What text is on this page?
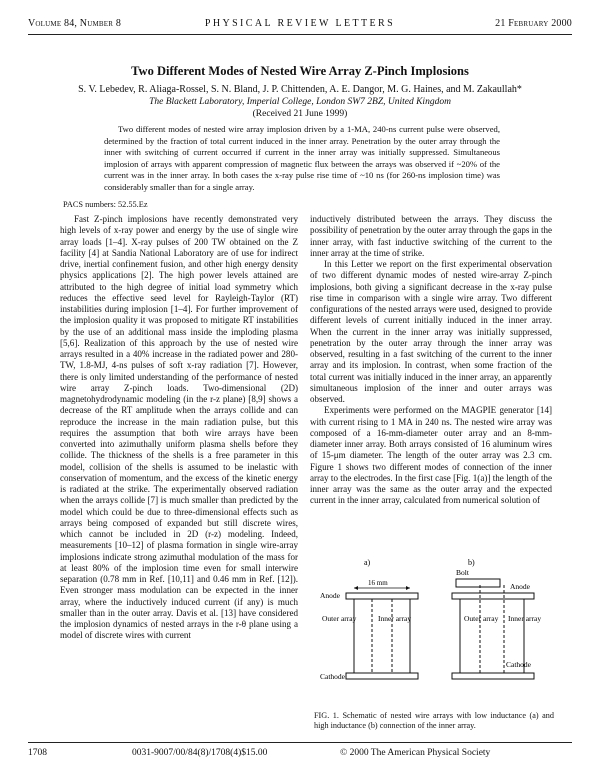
Volume 84, Number 8	PHYSICAL REVIEW LETTERS	21 February 2000
Two Different Modes of Nested Wire Array Z-Pinch Implosions
S. V. Lebedev, R. Aliaga-Rossel, S. N. Bland, J. P. Chittenden, A. E. Dangor, M. G. Haines, and M. Zakaullah*
The Blackett Laboratory, Imperial College, London SW7 2BZ, United Kingdom
(Received 21 June 1999)
Two different modes of nested wire array implosion driven by a 1-MA, 240-ns current pulse were observed, determined by the fraction of total current induced in the inner array. Penetration by the outer array through the inner with switching of current occurred if current in the inner array was initially suppressed. Simultaneous implosion of arrays with apparent compression of magnetic flux between the arrays was observed if ~20% of the current was in the inner array. In both cases the x-ray pulse rise time of ~10 ns (for 260-ns implosion time) was considerably smaller than for a single array.
PACS numbers: 52.55.Ez

Fast Z-pinch implosions have recently demonstrated very high levels of x-ray power and energy by the use of single wire array loads [1–4]. X-ray pulses of 200 TW obtained on the Z facility [4] at Sandia National Laboratory are of use for indirect drive, inertial confinement fusion, and other high energy density physics applications [2]. The high power levels attained are attributed to the high degree of initial load symmetry which reduces the effective seed level for Rayleigh-Taylor (RT) instabilities during implosion [1–4]. For further improvement of the implosion quality it was proposed to mitigate RT instabilities by the use of an additional mass inside the imploding plasma [5,6]. Realization of this approach by the use of nested wire arrays resulted in a 40% increase in the radiated power and 280-TW, 1.8-MJ, 4-ns pulses of soft x-ray radiation [7]. However, there is only limited understanding of the performance of nested wire array Z-pinch loads. Two-dimensional (2D) magnetohydrodynamic modeling (in the r-z plane) [8,9] shows a decrease of the RT amplitude when the arrays collide and can reproduce the increase in the main radiation pulse, but this requires the assumption that both wire arrays have been converted into azimuthally uniform plasma shells before they collide. The thickness of the shells is a free parameter in this model, collision of the shells is assumed to be inelastic with conservation of momentum, and the excess of the kinetic energy is radiated at the strike. The experimentally observed radiation when the arrays collide [7] is much smaller than predicted by the model which could be due to three-dimensional effects such as arrays being composed of expanded but still discrete wires, which cannot be included in 2D (r-z) modeling. Indeed, measurements [10–12] of plasma formation in single wire-array implosions indicate strong azimuthal modulation of the mass for at least 80% of the implosion time even for small interwire separation (0.78 mm in Ref. [10,11] and 0.46 mm in Ref. [12]). Even stronger mass modulation can be expected in the inner array, where the inductively induced current (if any) is much smaller than in the outer array. Davis et al. [13] have considered the implosion dynamics of nested arrays in the r-θ plane using a model of discrete wires with current

inductively distributed between the arrays. They discuss the possibility of penetration by the outer array through the gaps in the inner array, with fast inductive switching of the current to the inner array at the time of strike.

In this Letter we report on the first experimental observation of two different dynamic modes of nested wire-array Z-pinch implosions, both giving a significant decrease in the x-ray pulse rise time in comparison with a single wire array. Two different configurations of the nested arrays were used, designed to provide different levels of current initially induced in the inner array. When the current in the inner array was initially suppressed, penetration by the outer array through the inner array was observed, resulting in a fast switching of the current to the inner array and its implosion. In contrast, when some fraction of the total current was initially induced in the inner array, an apparently simultaneous implosion of the inner and outer arrays was observed.

Experiments were performed on the MAGPIE generator [14] with current rising to 1 MA in 240 ns. The nested wire array was composed of a 16-mm-diameter outer array and an 8-mm-diameter inner array. Both arrays consisted of 16 aluminum wires of 15-μm diameter. The length of the outer array was 2.3 cm. Figure 1 shows two different modes of connection of the inner array to the electrodes. In the first case [Fig. 1(a)] the length of the inner array was the same as the outer array and the expected current in the inner array, calculated from numerical solution of

a)	b)
16 mm
Anode
Outer array	Inner array
Cathode
Bolt
Anode
Outer array Inner array
Cathode
FIG. 1. Schematic of nested wire arrays with low inductance (a) and high inductance (b) connection of the inner array.
1708	0031-9007/00/84(8)/1708(4)$15.00	© 2000 The American Physical Society
